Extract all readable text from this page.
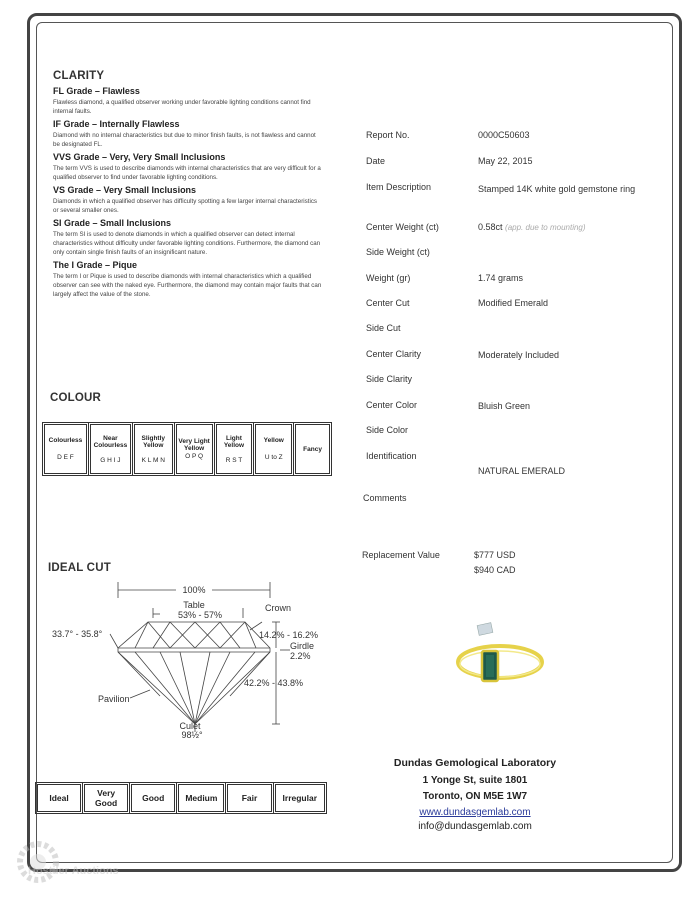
CLARITY
FL Grade – Flawless
Flawless diamond, a qualified observer working under favorable lighting conditions cannot find internal faults.
IF Grade – Internally Flawless
Diamond with no internal characteristics but due to minor finish faults, is not flawless and cannot be designated FL.
VVS Grade – Very, Very Small Inclusions
The term VVS is used to describe diamonds with internal characteristics that are very difficult for a qualified observer to find under favorable lighting conditions.
VS Grade – Very Small Inclusions
Diamonds in which a qualified observer has difficulty spotting a few larger internal characteristics or several smaller ones.
SI Grade – Small Inclusions
The term SI is used to denote diamonds in which a qualified observer can detect internal characteristics without difficulty under favorable lighting conditions. Furthermore, the diamond can only contain single finish faults of an insignificant nature.
The I Grade – Pique
The term I or Pique is used to describe diamonds with internal characteristics which a qualified observer can see with the naked eye. Furthermore, the diamond may contain major faults that can largely affect the value of the stone.
COLOUR
Colourless
D E F

Near Colourless
G H I J

Slightly Yellow
K L M N

Very Light Yellow
O P Q

Light Yellow
R S T

Yellow
U to Z

Fancy
IDEAL CUT
100%
Table
53% - 57%
Crown
33.7° - 35.8°	14.2% - 16.2%
Girdle
2.2%
42.2% - 43.8%
Pavilion
Culet
98½°
Ideal	Very Good	Good	Medium	Fair	Irregular
Report No.	0000C50603
Date	May 22, 2015
Item Description	Stamped 14K white gold gemstone ring
Center Weight (ct)	0.58ct (app. due to mounting)
Side Weight (ct)
Weight (gr)	1.74 grams
Center Cut	Modified Emerald
Side Cut
Center Clarity	Moderately Included
Side Clarity
Center Color	Bluish Green
Side Color
Identification
NATURAL EMERALD
Comments
Replacement Value	$777 USD
$940 CAD
Dundas Gemological Laboratory
1 Yonge St, suite 1801
Toronto, ON M5E 1W7
www.dundasgemlab.com
info@dundasgemlab.com
Hostiler Auctions
